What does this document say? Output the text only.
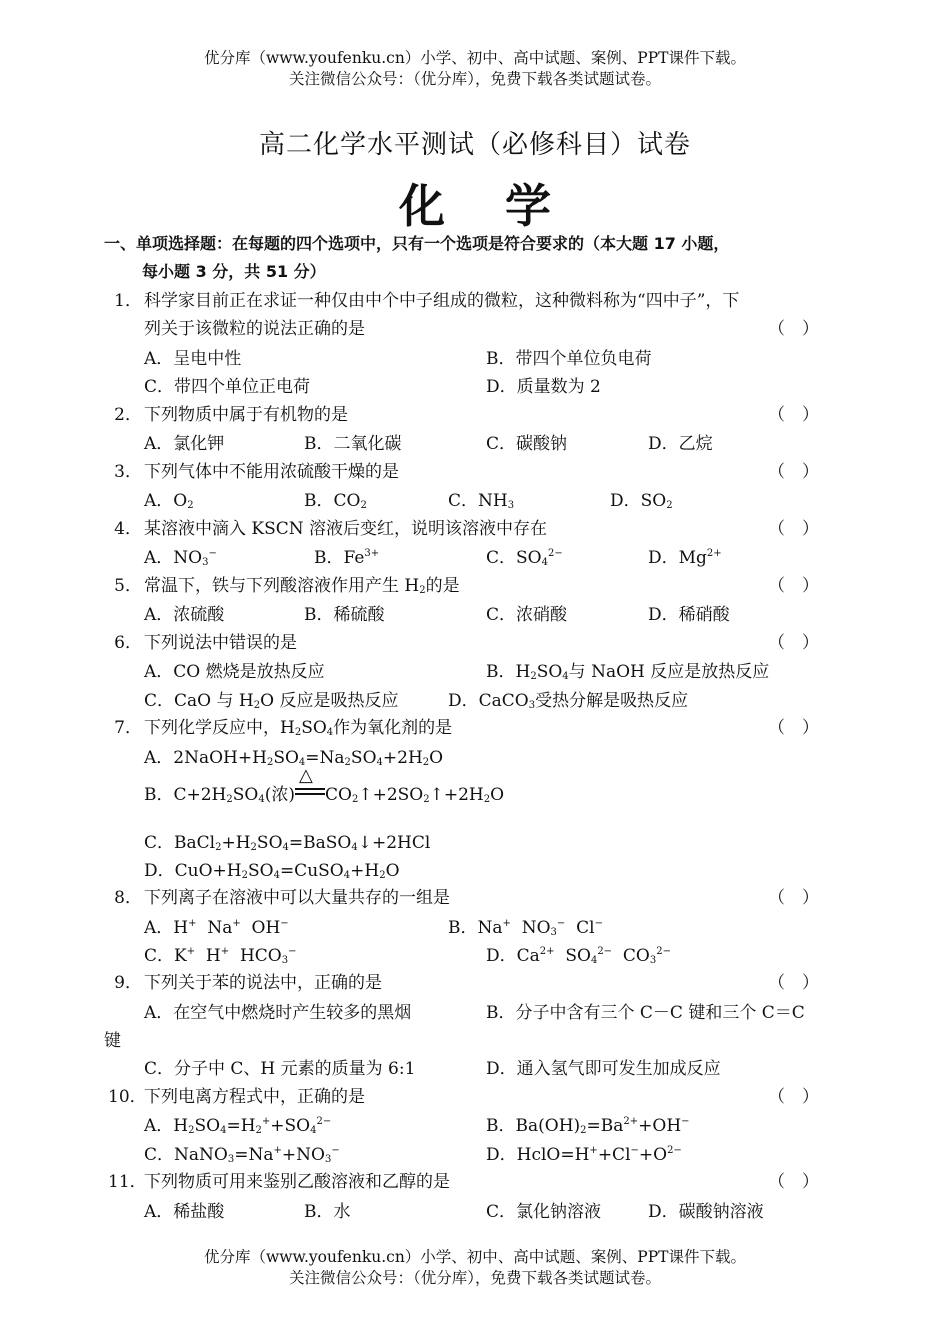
优分库（www.youfenku.cn）小学、初中、高中试题、案例、PPT课件下载。
关注微信公众号：（优分库），免费下载各类试题试卷。
高二化学水平测试（必修科目）试卷
化学
一、单项选择题：在每题的四个选项中，只有一个选项是符合要求的（本大题 17 小题，
每小题 3 分，共 51 分）
1． 科学家目前正在求证一种仅由中个中子组成的微粒，这种微料称为“四中子”，下
列关于该微粒的说法正确的是	（　）
A．呈电中性	B．带四个单位负电荷
C．带四个单位正电荷	D．质量数为 2
2． 下列物质中属于有机物的是	（　）
A．氯化钾	B．二氧化碳	C．碳酸钠	D．乙烷
3． 下列气体中不能用浓硫酸干燥的是	（　）
A．$O_2$	B．$CO_2$	C．$NH_3$	D．$SO_2$
4． 某溶液中滴入 KSCN 溶液后变红，说明该溶液中存在	（　）
A．$NO_3^-$	B．$Fe^{3+}$	C．$SO_4^{2-}$	D．$Mg^{2+}$
5． 常温下，铁与下列酸溶液作用产生 $H_2$的是	（　）
A．浓硫酸	B．稀硫酸	C．浓硝酸	D．稀硝酸
6． 下列说法中错误的是	（　）
A．CO 燃烧是放热反应	B．$H_2SO_4$与 NaOH 反应是放热反应
C．CaO 与 $H_2O$ 反应是吸热反应	D．CaCO$_3$受热分解是吸热反应
7． 下列化学反应中，$H_2SO_4$作为氧化剂的是	（　）
A．$2NaOH+H_2SO_4=Na_2SO_4+2H_2O$
B．$C+2H_2SO_4$(浓)
△
$CO_2↑+2SO_2↑+2H_2O$
C．$BaCl_2+H_2SO_4=BaSO_4↓+2HCl$
D．$CuO+H_2SO_4=CuSO_4+H_2O$
8． 下列离子在溶液中可以大量共存的一组是	（　）
A．H+ Na+ OH−	B．Na+ $NO_3^-$ Cl−
C．K+ H+ $HCO_3^-$	D．$Ca^{2+}$ $SO_4^{2-}$ $CO_3^{2-}$
9． 下列关于苯的说法中，正确的是	（　）
A．在空气中燃烧时产生较多的黑烟	B．分子中含有三个 C－C 键和三个 C＝C
键
C．分子中 C、H 元素的质量为 6:1	D．通入氢气即可发生加成反应
10．下列电离方程式中，正确的是	（　）
A．$H_2SO_4=H_2^++SO_4^{2-}$	B．$Ba(OH)_2=Ba^{2+}+OH^-$
C．$NaNO_3=Na^++NO_3^-$	D．$HclO=H^++Cl^-+O^{2-}$
11．下列物质可用来鉴别乙酸溶液和乙醇的是	（　）
A．稀盐酸	B．水	C．氯化钠溶液	D．碳酸钠溶液
优分库（www.youfenku.cn）小学、初中、高中试题、案例、PPT课件下载。
关注微信公众号：（优分库），免费下载各类试题试卷。
